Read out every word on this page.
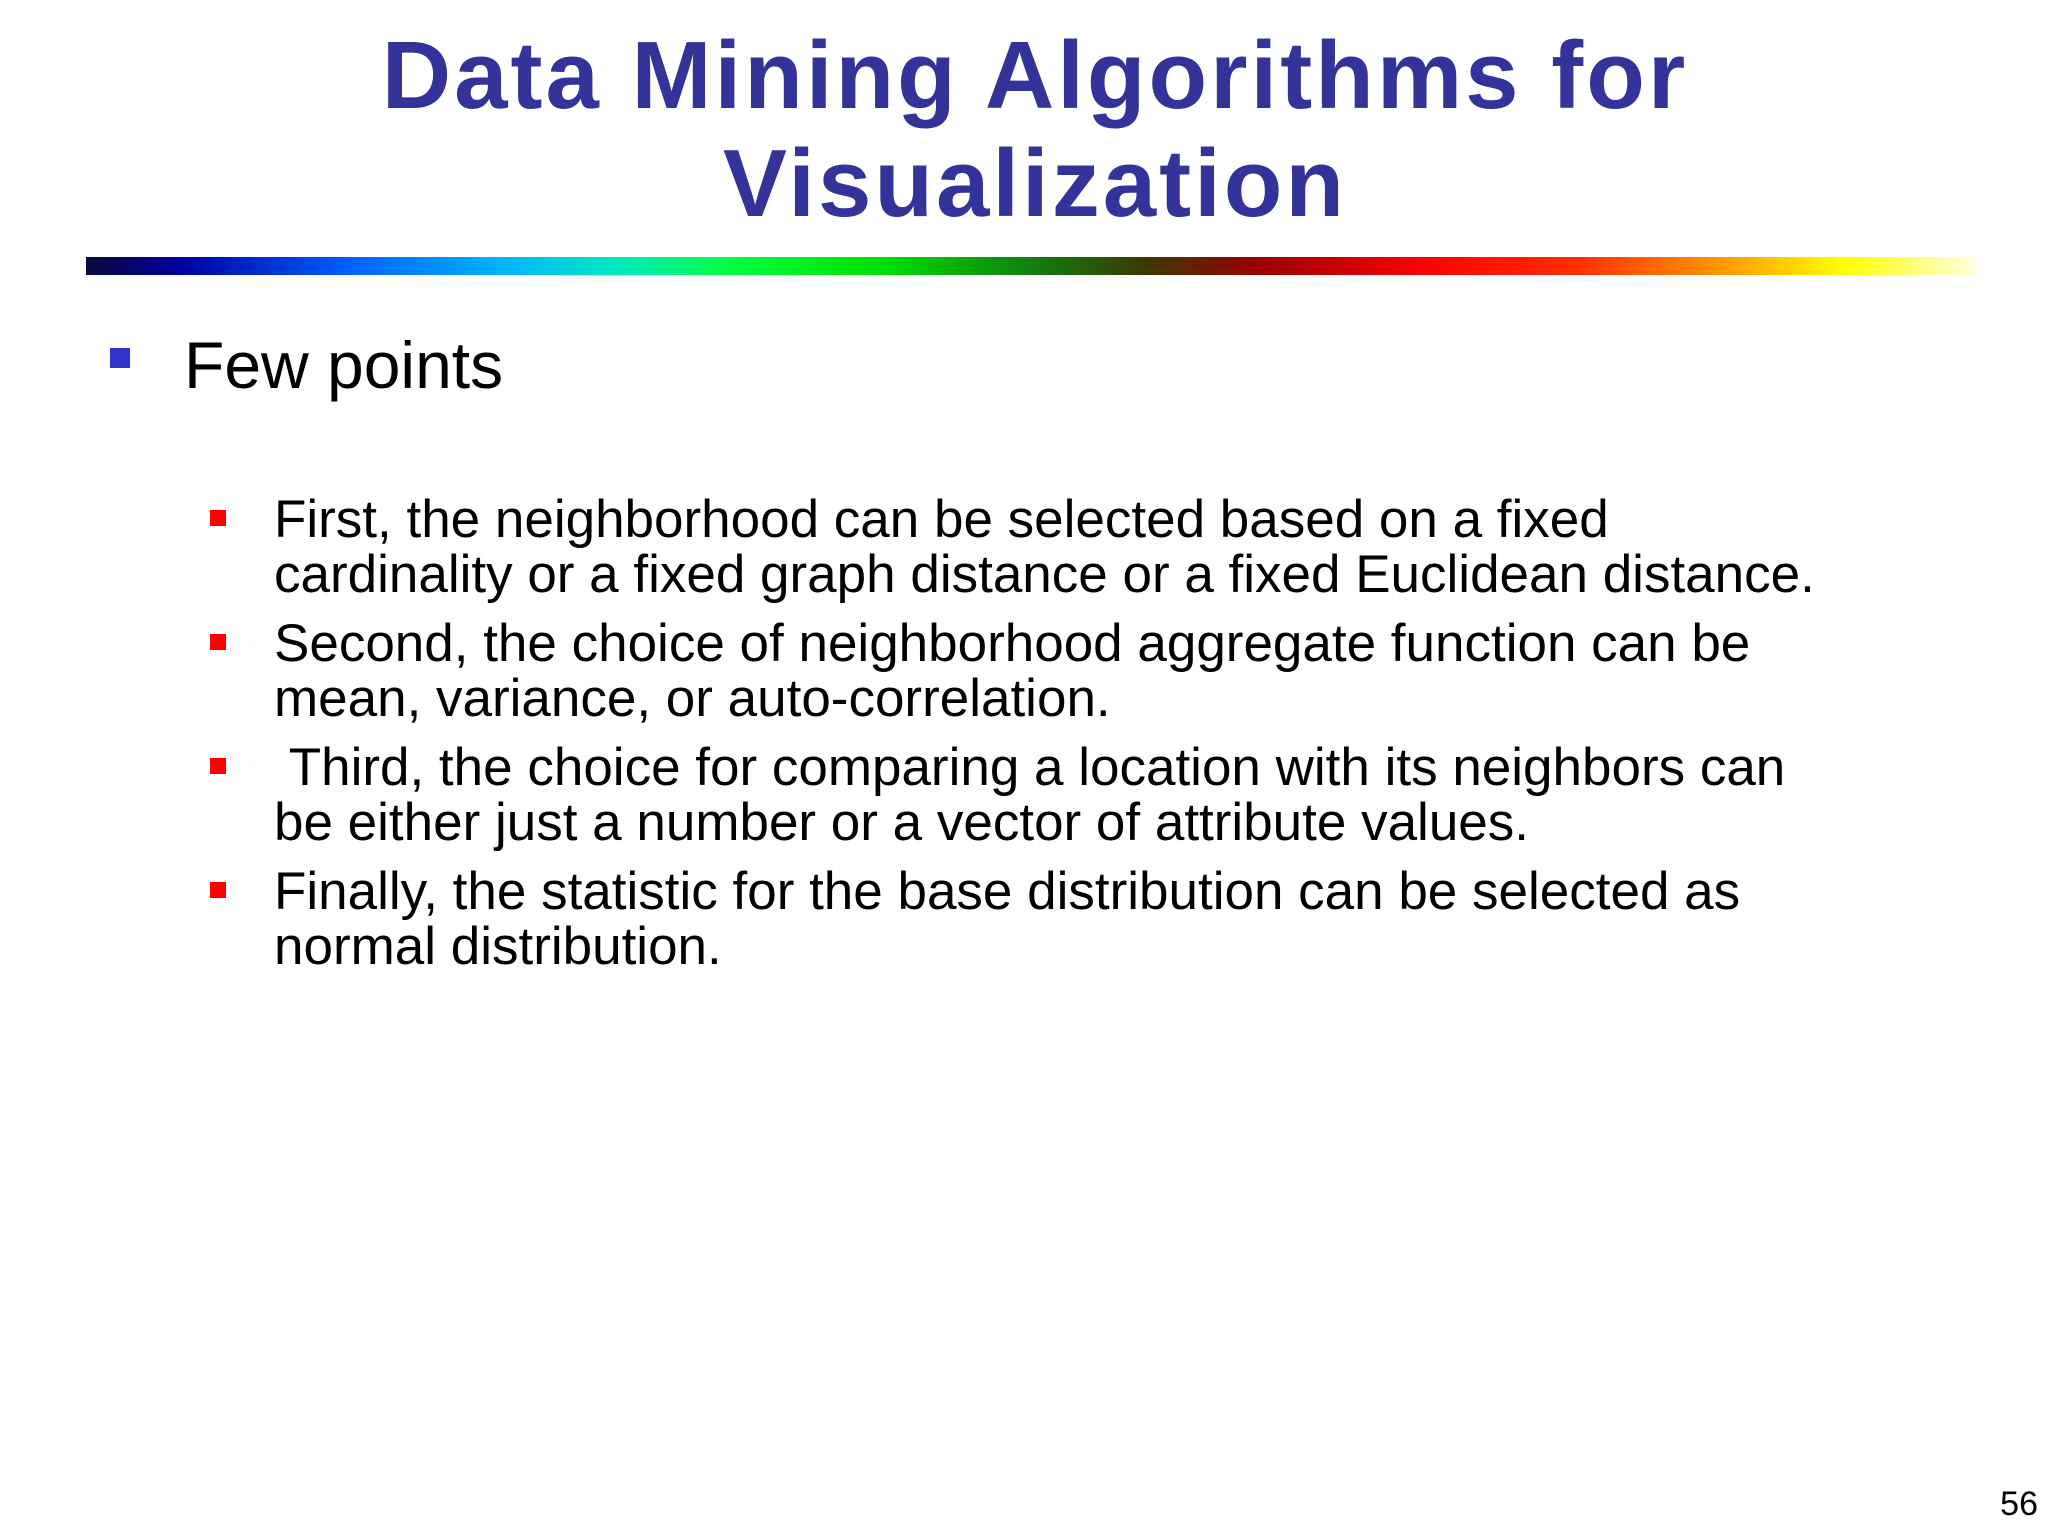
Data Mining Algorithms for
Visualization
Few points
First, the neighborhood can be selected based on a fixed
cardinality or a fixed graph distance or a fixed Euclidean distance.
Second, the choice of neighborhood aggregate function can be
mean, variance, or auto-correlation.
Third, the choice for comparing a location with its neighbors can
be either just a number or a vector of attribute values.
Finally, the statistic for the base distribution can be selected as
normal distribution.
56
